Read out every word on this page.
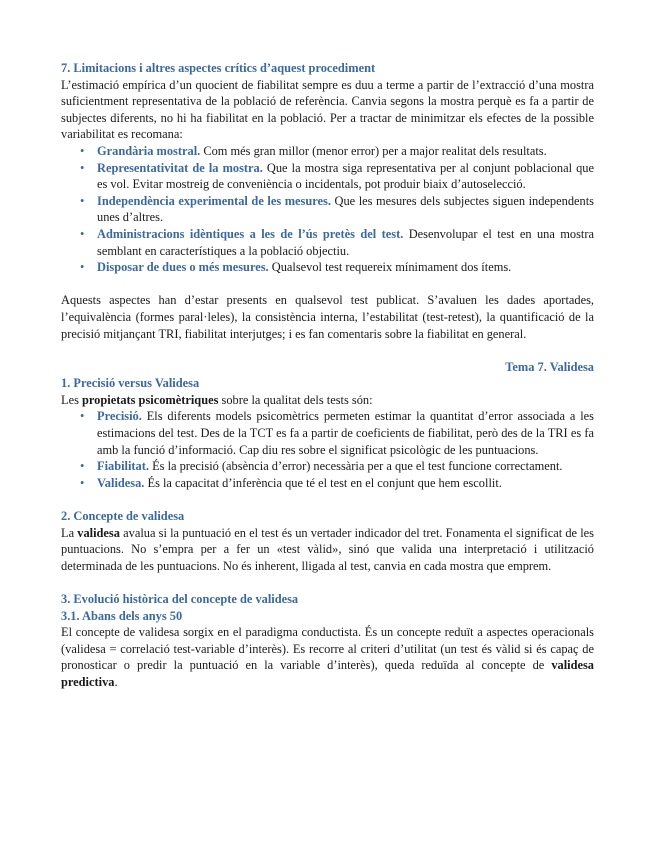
7. Limitacions i altres aspectes crítics d’aquest procediment

L’estimació empírica d’un quocient de fiabilitat sempre es duu a terme a partir de l’extracció d’una mostra suficientment representativa de la població de referència. Canvia segons la mostra perquè es fa a partir de subjectes diferents, no hi ha fiabilitat en la població. Per a tractar de minimitzar els efectes de la possible variabilitat es recomana:

• Grandària mostral. Com més gran millor (menor error) per a major realitat dels resultats.
• Representativitat de la mostra. Que la mostra siga representativa per al conjunt poblacional que es vol. Evitar mostreig de conveniència o incidentals, pot produir biaix d’autoselecció.
• Independència experimental de les mesures. Que les mesures dels subjectes siguen independents unes d’altres.
• Administracions idèntiques a les de l’ús pretès del test. Desenvolupar el test en una mostra semblant en característiques a la població objectiu.
• Disposar de dues o més mesures. Qualsevol test requereix mínimament dos ítems.

Aquests aspectes han d’estar presents en qualsevol test publicat. S’avaluen les dades aportades, l’equivalència (formes paral·leles), la consistència interna, l’estabilitat (test-retest), la quantificació de la precisió mitjançant TRI, fiabilitat interjutges; i es fan comentaris sobre la fiabilitat en general.

Tema 7. Validesa
1. Precisió versus Validesa

Les propietats psicomètriques sobre la qualitat dels tests són:

• Precisió. Els diferents models psicomètrics permeten estimar la quantitat d’error associada a les estimacions del test. Des de la TCT es fa a partir de coeficients de fiabilitat, però des de la TRI es fa amb la funció d’informació. Cap diu res sobre el significat psicològic de les puntuacions.
• Fiabilitat. És la precisió (absència d’error) necessària per a que el test funcione correctament.
• Validesa. És la capacitat d’inferència que té el test en el conjunt que hem escollit.
2. Concepte de validesa

La validesa avalua si la puntuació en el test és un vertader indicador del tret. Fonamenta el significat de les puntuacions. No s’empra per a fer un «test vàlid», sinó que valida una interpretació i utilització determinada de les puntuacions. No és inherent, lligada al test, canvia en cada mostra que emprem.

3. Evolució històrica del concepte de validesa
3.1. Abans dels anys 50

El concepte de validesa sorgix en el paradigma conductista. És un concepte reduït a aspectes operacionals (validesa = correlació test-variable d’interès). Es recorre al criteri d’utilitat (un test és vàlid si és capaç de pronosticar o predir la puntuació en la variable d’interès), queda reduïda al concepte de validesa predictiva.
